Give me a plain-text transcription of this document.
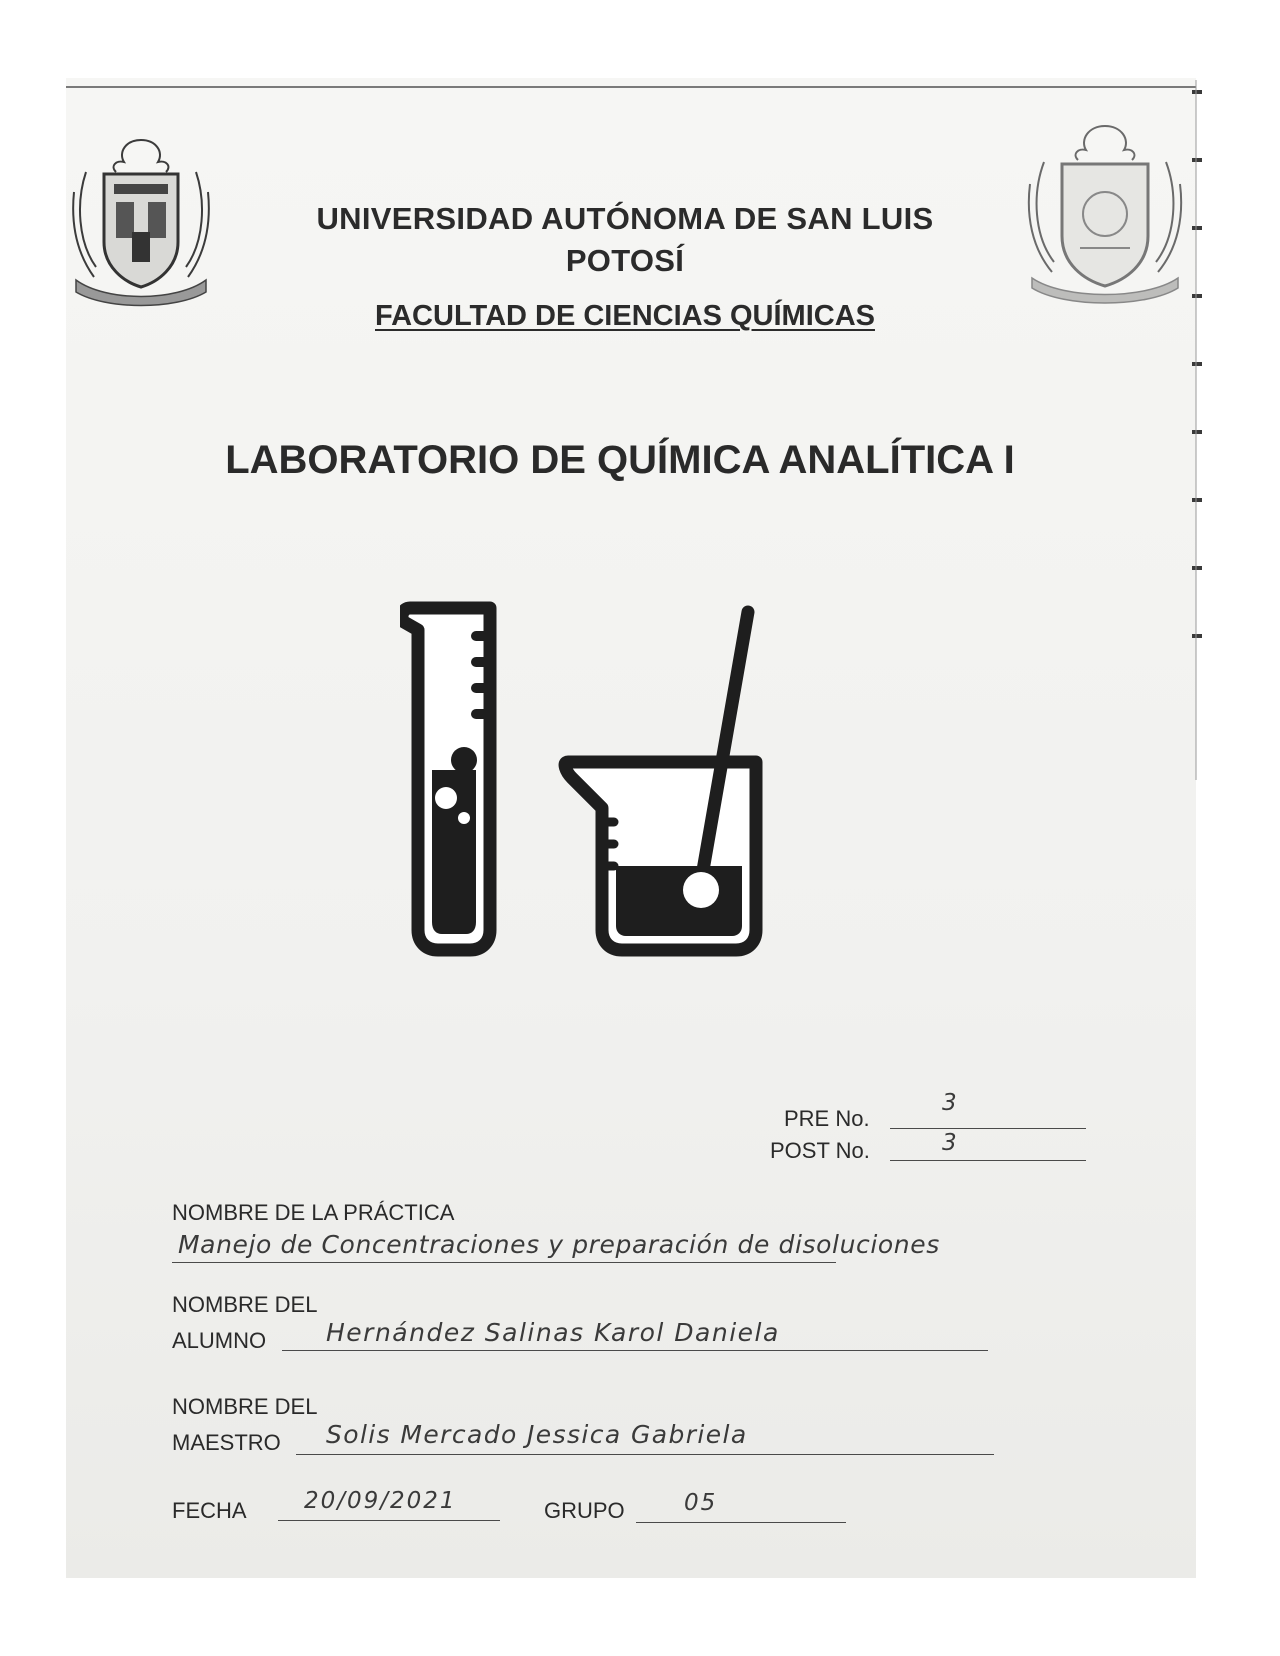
UNIVERSIDAD AUTÓNOMA DE SAN LUIS
POTOSÍ
FACULTAD DE CIENCIAS QUÍMICAS
LABORATORIO DE QUÍMICA ANALÍTICA I
PRE No.
3
POST No.	3
NOMBRE DE LA PRÁCTICA
Manejo de Concentraciones y preparación de disoluciones
NOMBRE DEL
ALUMNO Hernández Salinas Karol Daniela
NOMBRE DEL
MAESTRO Solis Mercado Jessica Gabriela
FECHA 20/09/2021	GRUPO	05
